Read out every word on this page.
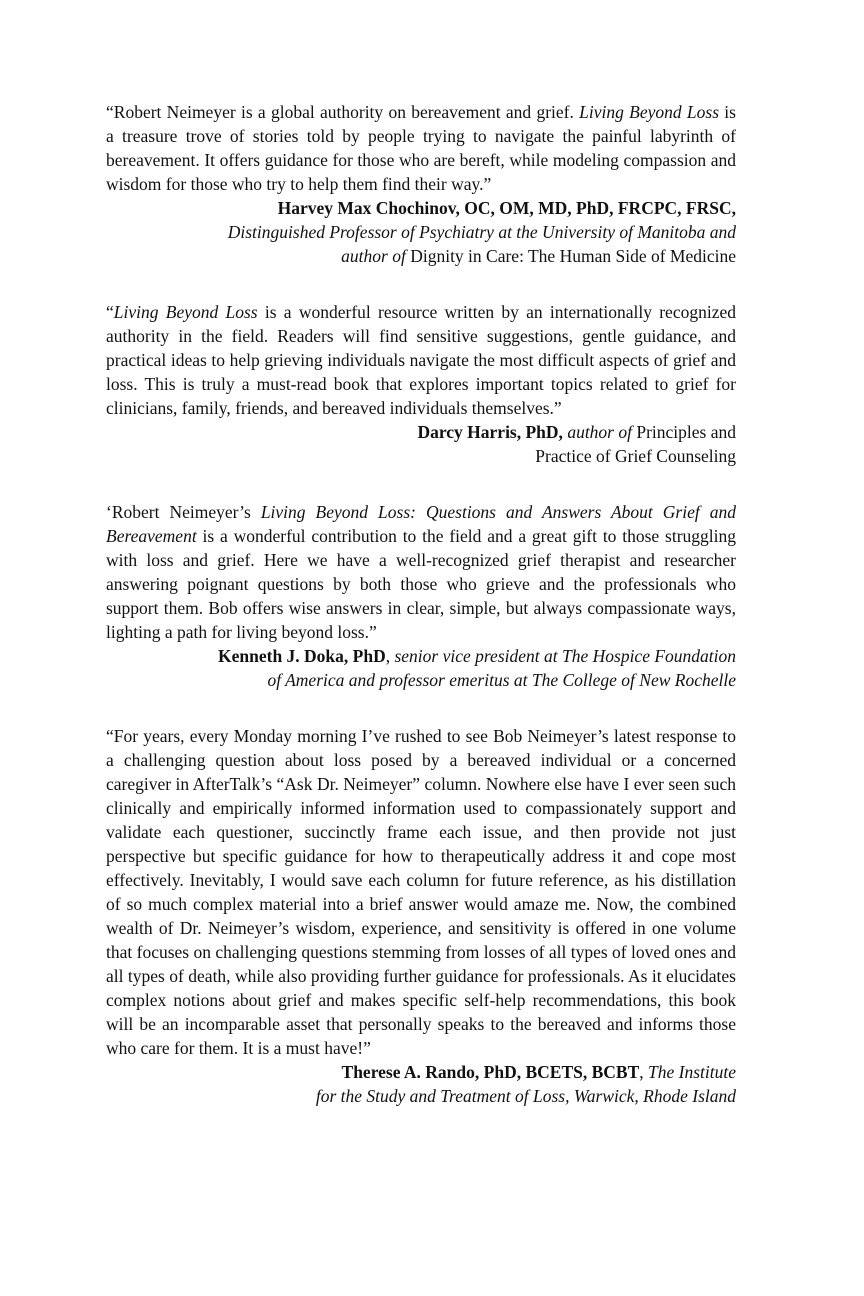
“Robert Neimeyer is a global authority on bereavement and grief. Living Beyond Loss is a treasure trove of stories told by people trying to navigate the painful labyrinth of bereavement. It offers guidance for those who are bereft, while modeling compassion and wisdom for those who try to help them find their way.”

Harvey Max Chochinov, OC, OM, MD, PhD, FRCPC, FRSC,
Distinguished Professor of Psychiatry at the University of Manitoba and
author of Dignity in Care: The Human Side of Medicine

“Living Beyond Loss is a wonderful resource written by an internationally recognized authority in the field. Readers will find sensitive suggestions, gentle guidance, and practical ideas to help grieving individuals navigate the most difficult aspects of grief and loss. This is truly a must-read book that explores important topics related to grief for clinicians, family, friends, and bereaved individuals themselves.”

Darcy Harris, PhD, author of Principles and
Practice of Grief Counseling

‘Robert Neimeyer’s Living Beyond Loss: Questions and Answers About Grief and Bereavement is a wonderful contribution to the field and a great gift to those struggling with loss and grief. Here we have a well-recognized grief therapist and researcher answering poignant questions by both those who grieve and the professionals who support them. Bob offers wise answers in clear, simple, but always compassionate ways, lighting a path for living beyond loss.”

Kenneth J. Doka, PhD, senior vice president at The Hospice Foundation
of America and professor emeritus at The College of New Rochelle

“For years, every Monday morning I’ve rushed to see Bob Neimeyer’s latest response to a challenging question about loss posed by a bereaved individual or a concerned caregiver in AfterTalk’s “Ask Dr. Neimeyer” column. Nowhere else have I ever seen such clinically and empirically informed information used to compassionately support and validate each questioner, succinctly frame each issue, and then provide not just perspective but specific guidance for how to therapeutically address it and cope most effectively. Inevitably, I would save each column for future reference, as his distillation of so much complex material into a brief answer would amaze me. Now, the combined wealth of Dr. Neimeyer’s wisdom, experience, and sensitivity is offered in one volume that focuses on challenging questions stemming from losses of all types of loved ones and all types of death, while also providing further guidance for professionals. As it elucidates complex notions about grief and makes specific self-help recommendations, this book will be an incomparable asset that personally speaks to the bereaved and informs those who care for them. It is a must have!”

Therese A. Rando, PhD, BCETS, BCBT, The Institute
for the Study and Treatment of Loss, Warwick, Rhode Island
